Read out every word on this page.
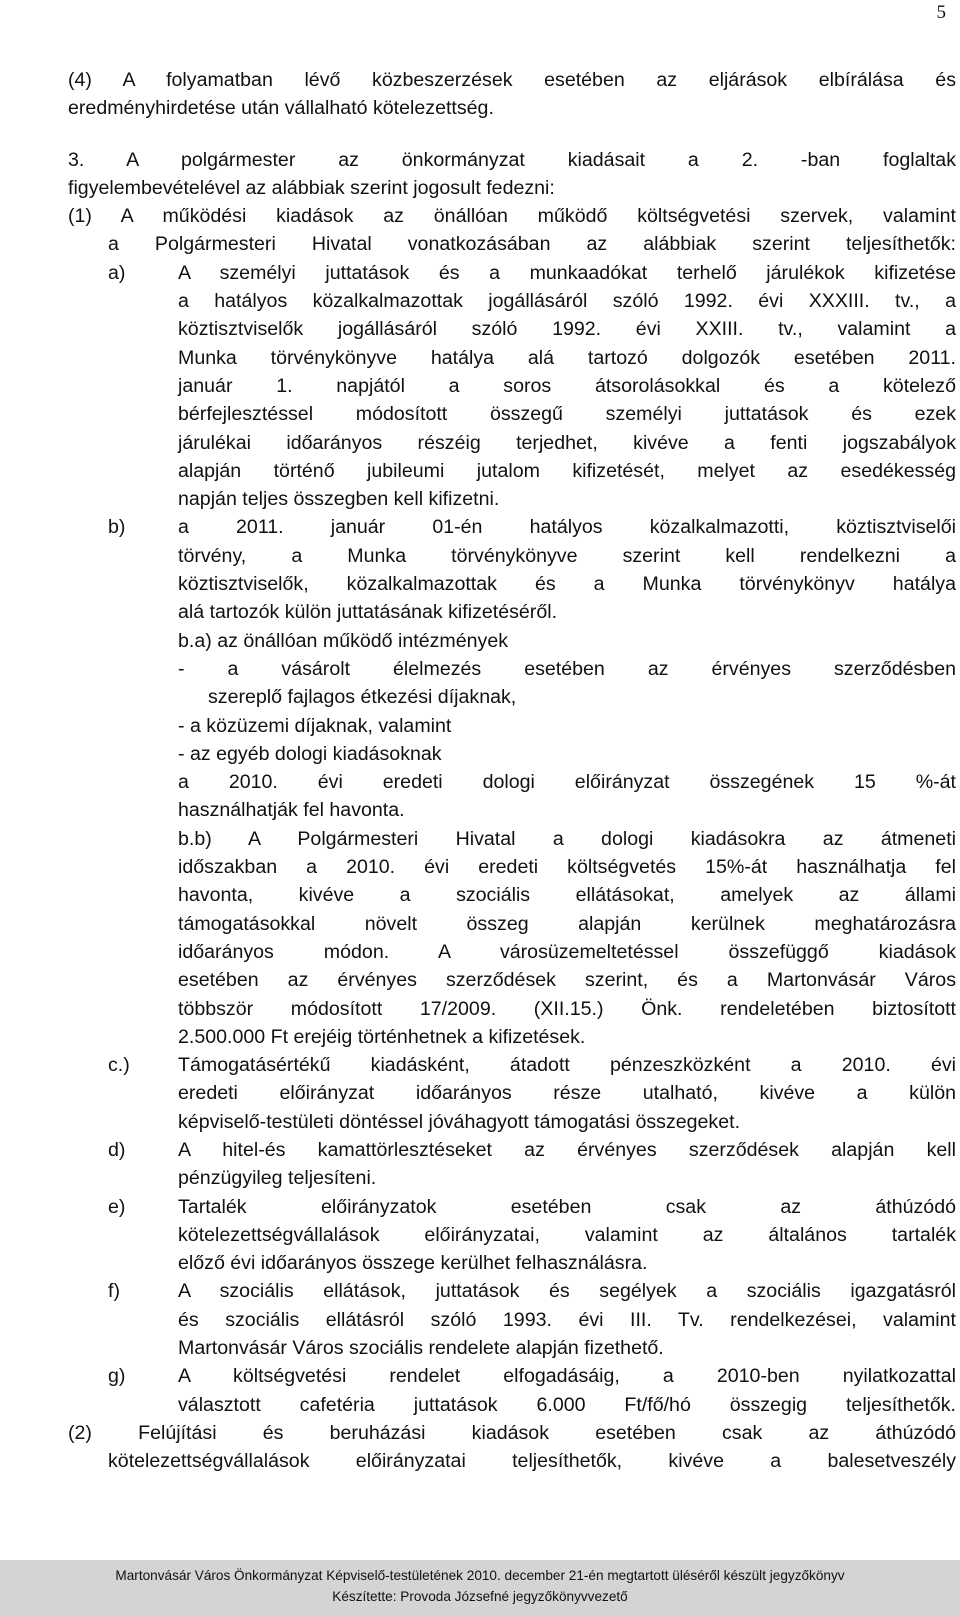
5
(4) A folyamatban lévő közbeszerzések esetében az eljárások elbírálása és
eredményhirdetése után vállalható kötelezettség.
3. A polgármester az önkormányzat kiadásait a 2. -ban foglaltak
figyelembevételével az alábbiak szerint jogosult fedezni:
(1) A működési kiadások az önállóan működő költségvetési szervek, valamint
a Polgármesteri Hivatal vonatkozásában az alábbiak szerint teljesíthetők:
a)	A személyi juttatások és a munkaadókat terhelő járulékok kifizetése
a hatályos közalkalmazottak jogállásáról szóló 1992. évi XXXIII. tv., a
köztisztviselők jogállásáról szóló 1992. évi XXIII. tv., valamint a
Munka törvénykönyve hatálya alá tartozó dolgozók esetében 2011.
január 1. napjától a soros átsorolásokkal és a kötelező
bérfejlesztéssel módosított összegű személyi juttatások és ezek
járulékai időarányos részéig terjedhet, kivéve a fenti jogszabályok
alapján történő jubileumi jutalom kifizetését, melyet az esedékesség
napján teljes összegben kell kifizetni.
b)	a 2011. január 01-én hatályos közalkalmazotti, köztisztviselői
törvény, a Munka törvénykönyve szerint kell rendelkezni a
köztisztviselők, közalkalmazottak és a Munka törvénykönyv hatálya
alá tartozók külön juttatásának kifizetéséről.
b.a) az önállóan működő intézmények
- a vásárolt élelmezés esetében az érvényes szerződésben
szereplő fajlagos étkezési díjaknak,
- a közüzemi díjaknak, valamint
- az egyéb dologi kiadásoknak
a 2010. évi eredeti dologi előirányzat összegének 15 %-át
használhatják fel havonta.
b.b) A Polgármesteri Hivatal a dologi kiadásokra az átmeneti
időszakban a 2010. évi eredeti költségvetés 15%-át használhatja fel
havonta, kivéve a szociális ellátásokat, amelyek az állami
támogatásokkal növelt összeg alapján kerülnek meghatározásra
időarányos módon. A városüzemeltetéssel összefüggő kiadások
esetében az érvényes szerződések szerint, és a Martonvásár Város
többször módosított 17/2009. (XII.15.) Önk. rendeletében biztosított
2.500.000 Ft erejéig történhetnek a kifizetések.
c.)	Támogatásértékű kiadásként, átadott pénzeszközként a 2010. évi
eredeti előirányzat időarányos része utalható, kivéve a külön
képviselő-testületi döntéssel jóváhagyott támogatási összegeket.
d)	A hitel-és kamattörlesztéseket az érvényes szerződések alapján kell
pénzügyileg teljesíteni.
e)	Tartalék előirányzatok esetében csak az áthúzódó
kötelezettségvállalások előirányzatai, valamint az általános tartalék
előző évi időarányos összege kerülhet felhasználásra.
f)	A szociális ellátások, juttatások és segélyek a szociális igazgatásról
és szociális ellátásról szóló 1993. évi III. Tv. rendelkezései, valamint
Martonvásár Város szociális rendelete alapján fizethető.
g)	A költségvetési rendelet elfogadásáig, a 2010-ben nyilatkozattal
választott cafetéria juttatások 6.000 Ft/fő/hó összegig teljesíthetők.
(2) Felújítási és beruházási kiadások esetében csak az áthúzódó
kötelezettségvállalások előirányzatai teljesíthetők, kivéve a balesetveszély
Martonvásár Város Önkormányzat Képviselő-testületének 2010. december 21-én megtartott üléséről készült jegyzőkönyv
Készítette: Provoda Józsefné jegyzőkönyvvezető
